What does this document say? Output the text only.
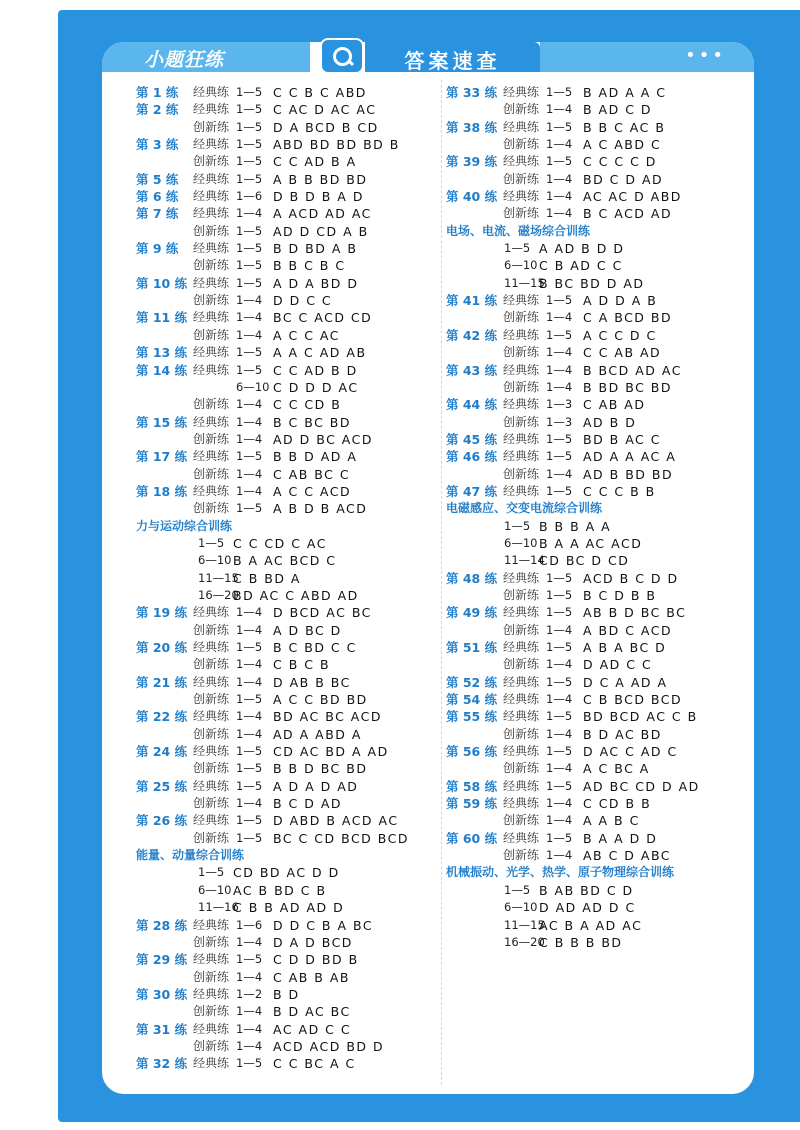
小题狂练	答案速查	•••
第 1 练 经典练 1—5 C C B C ABD
第 2 练 经典练 1—5 C AC D AC AC
创新练 1—5 D A BCD B CD
第 3 练 经典练 1—5 ABD BD BD BD B
创新练 1—5 C C AD B A
第 5 练 经典练 1—5 A B B BD BD
第 6 练 经典练 1—6 D B D B A D
第 7 练 经典练 1—4 A ACD AD AC
创新练 1—5 AD D CD A B
第 9 练 经典练 1—5 B D BD A B
创新练 1—5 B B C B C
第 10 练 经典练 1—5 A D A BD D
创新练 1—4 D D C C
第 11 练 经典练 1—4 BC C ACD CD
创新练 1—4 A C C AC
第 13 练 经典练 1—5 A A C AD AB
第 14 练 经典练 1—5 C C AD B D
6—10 C D D D AC
创新练 1—4 C C CD B
第 15 练 经典练 1—4 B C BC BD
创新练 1—4 AD D BC ACD
第 17 练 经典练 1—5 B B D AD A
创新练 1—4 C AB BC C
第 18 练 经典练 1—4 A C C ACD
创新练 1—5 A B D B ACD
力与运动综合训练
1—5 C C CD C AC
6—10 B A AC BCD C
11—15
C B BD A
16—20
BD AC C ABD AD
第 19 练 经典练 1—4 D BCD AC BC
创新练 1—4 A D BC D
第 20 练 经典练 1—5 B C BD C C
创新练 1—4 C B C B
第 21 练 经典练 1—4 D AB B BC
创新练 1—5 A C C BD BD
第 22 练 经典练 1—4 BD AC BC ACD
创新练 1—4 AD A ABD A
第 24 练 经典练 1—5 CD AC BD A AD
创新练 1—5 B B D BC BD
第 25 练 经典练 1—5 A D A D AD
创新练 1—4 B C D AD
第 26 练 经典练 1—5 D ABD B ACD AC
创新练 1—5 BC C CD BCD BCD
能量、动量综合训练
1—5 CD BD AC D D
6—10 AC B BD C B
11—16
C B B AD AD D
第 28 练 经典练 1—6 D D C B A BC
创新练 1—4 D A D BCD
第 29 练 经典练 1—5 C D D BD B
创新练 1—4 C AB B AB
第 30 练 经典练 1—2 B D
创新练 1—4 B D AC BC
第 31 练 经典练 1—4 AC AD C C
创新练 1—4 ACD ACD BD D
第 32 练 经典练 1—5 C C BC A C
第 33 练 经典练 1—5 B AD A A C
创新练 1—4 B AD C D
第 38 练 经典练 1—5 B B C AC B
创新练 1—4 A C ABD C
第 39 练 经典练 1—5 C C C C D
创新练 1—4 BD C D AD
第 40 练 经典练 1—4 AC AC D ABD
创新练 1—4 B C ACD AD
电场、电流、磁场综合训练
1—5 A AD B D D
6—10 C B AD C C
11—15
B BC BD D AD
第 41 练 经典练 1—5 A D D A B
创新练 1—4 C A BCD BD
第 42 练 经典练 1—5 A C C D C
创新练 1—4 C C AB AD
第 43 练 经典练 1—4 B BCD AD AC
创新练 1—4 B BD BC BD
第 44 练 经典练 1—3 C AB AD
创新练 1—3 AD B D
第 45 练 经典练 1—5 BD B AC C
第 46 练 经典练 1—5 AD A A AC A
创新练 1—4 AD B BD BD
第 47 练 经典练 1—5 C C C B B
电磁感应、交变电流综合训练
1—5 B B B A A
6—10 B A A AC ACD
11—14
CD BC D CD
第 48 练 经典练 1—5 ACD B C D D
创新练 1—5 B C D B B
第 49 练 经典练 1—5 AB B D BC BC
创新练 1—4 A BD C ACD
第 51 练 经典练 1—5 A B A BC D
创新练 1—4 D AD C C
第 52 练 经典练 1—5 D C A AD A
第 54 练 经典练 1—4 C B BCD BCD
第 55 练 经典练 1—5 BD BCD AC C B
创新练 1—4 B D AC BD
第 56 练 经典练 1—5 D AC C AD C
创新练 1—4 A C BC A
第 58 练 经典练 1—5 AD BC CD D AD
第 59 练 经典练 1—4 C CD B B
创新练 1—4 A A B C
第 60 练 经典练 1—5 B A A D D
创新练 1—4 AB C D ABC
机械振动、光学、热学、原子物理综合训练
1—5 B AB BD C D
6—10 D AD AD D C
11—15
AC B A AD AC
16—20
C B B B BD
